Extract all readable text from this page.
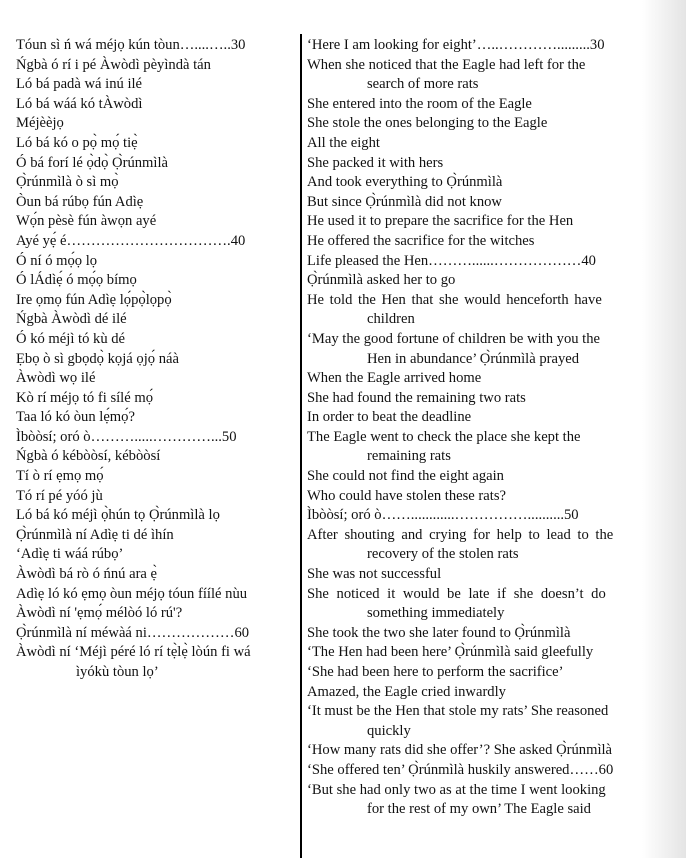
Tóun sì ń wá méjọ kún tòun…....…..30
Ńgbà ó rí i pé Àwòdì pèyìndà tán
Ló bá padà wá inú ilé
Ló bá wáá kó tÀwòdì
Méjèèjọ
Ló bá kó o pọ̀ mọ́ tiẹ̀
Ó bá forí lé ọ̀dọ̀ Ọ̀rúnmìlà
Ọ̀rúnmìlà ò sì mọ̀
Òun bá rúbọ fún Adìẹ
Wọ́n pèsè fún àwọn ayé
Ayé yẹ́ é…………………………….40
Ó ní ó mọ́ọ lọ
Ó lÁdìẹ́ ó mọ́ọ bímọ
Ire ọmọ fún Adìẹ lọ́pọ̀lọpọ̀
Ńgbà Àwòdì dé ilé
Ó kó méjì tó kù dé
Ẹbọ ò sì gbọdọ̀ kọjá ọjọ́ náà
Àwòdì wọ ilé
Kò rí méjọ tó fi sílé mọ́
Taa ló kó òun lẹ́mọ́?
Ìbòòsí; oró ò……….....…………...50
Ńgbà ó kébòòsí, kébòòsí
Tí ò rí ẹmọ mọ́
Tó rí pé yóó jù
Ló bá kó méjì ọ̀hún tọ Ọ̀rúnmìlà lọ
Ọ̀rúnmìlà ní Adìẹ ti dé ìhín
‘Adìẹ ti wáá rúbọ’
Àwòdì bá rò ó ńnú ara ẹ̀
Adìẹ ló kó ẹmọ òun méjọ tóun fíílé nùu
Àwòdì ní 'ẹmọ́ mélòó ló rú'?
Ọ̀rúnmìlà ní méwàá ni………………60
Àwòdì ní ‘Méjì péré ló rí tẹ̀lẹ̀ lòún fi wá
ìyókù tòun lọ’
‘Here I am looking for eight’…..………….........30
When she noticed that the Eagle had left for the
search of more rats
She entered into the room of the Eagle
She stole the ones belonging to the Eagle
All the eight
She packed it with hers
And took everything to Ọ̀rúnmìlà
But since Ọ̀rúnmìlà did not know
He used it to prepare the sacrifice for the Hen
He offered the sacrifice for the witches
Life pleased the Hen………......………………40
Ọ̀rúnmìlà asked her to go
He told the Hen that she would henceforth have
children
‘May the good fortune of children be with you the
Hen in abundance’ Ọ̀rúnmìlà prayed
When the Eagle arrived home
She had found the remaining two rats
In order to beat the deadline
The Eagle went to check the place she kept the
remaining rats
She could not find the eight again
Who could have stolen these rats?
Ìbòòsí; oró ò……............……………..........50
After shouting and crying for help to lead to the
recovery of the stolen rats
She was not successful
She noticed it would be late if she doesn’t do
something immediately
She took the two she later found to Ọ̀rúnmìlà
‘The Hen had been here’ Ọ̀rúnmìlà said gleefully
‘She had been here to perform the sacrifice’
Amazed, the Eagle cried inwardly
‘It must be the Hen that stole my rats’ She reasoned
quickly
‘How many rats did she offer’? She asked Ọ̀rúnmìlà
‘She offered ten’ Ọ̀rúnmìlà huskily answered……60
‘But she had only two as at the time I went looking
for the rest of my own’ The Eagle said
